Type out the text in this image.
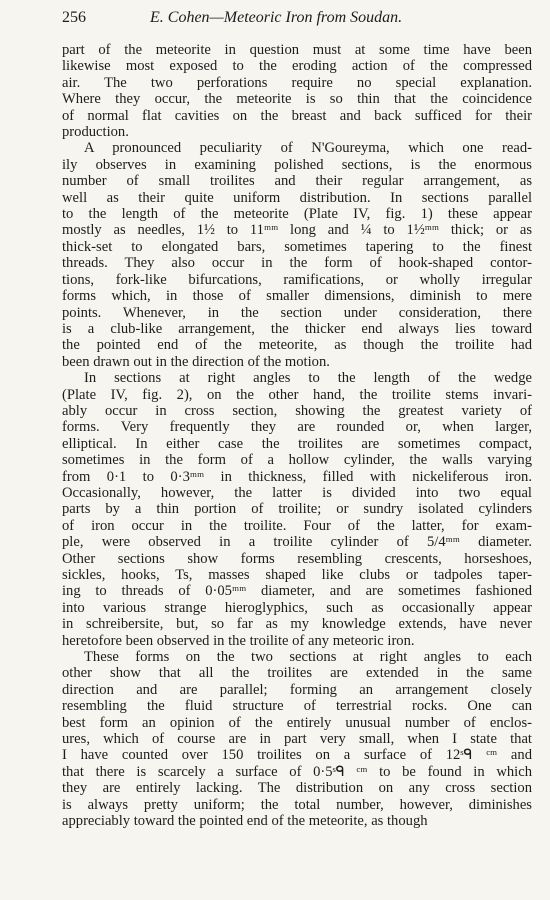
256	E. Cohen—Meteoric Iron from Soudan.

part of the meteorite in question must at some time have been
likewise most exposed to the eroding action of the compressed
air. The two perforations require no special explanation.
Where they occur, the meteorite is so thin that the coincidence
of normal flat cavities on the breast and back sufficed for their
production.

A pronounced peculiarity of N'Goureyma, which one read-
ily observes in examining polished sections, is the enormous
number of small troilites and their regular arrangement, as
well as their quite uniform distribution. In sections parallel
to the length of the meteorite (Plate IV, fig. 1) these appear
mostly as needles, 1½ to 11ᵐᵐ long and ¼ to 1½ᵐᵐ thick; or as
thick-set to elongated bars, sometimes tapering to the finest
threads. They also occur in the form of hook-shaped contor-
tions, fork-like bifurcations, ramifications, or wholly irregular
forms which, in those of smaller dimensions, diminish to mere
points. Whenever, in the section under consideration, there
is a club-like arrangement, the thicker end always lies toward
the pointed end of the meteorite, as though the troilite had
been drawn out in the direction of the motion.

In sections at right angles to the length of the wedge
(Plate IV, fig. 2), on the other hand, the troilite stems invari-
ably occur in cross section, showing the greatest variety of
forms. Very frequently they are rounded or, when larger,
elliptical. In either case the troilites are sometimes compact,
sometimes in the form of a hollow cylinder, the walls varying
from 0·1 to 0·3ᵐᵐ in thickness, filled with nickeliferous iron.
Occasionally, however, the latter is divided into two equal
parts by a thin portion of troilite; or sundry isolated cylinders
of iron occur in the troilite. Four of the latter, for exam-
ple, were observed in a troilite cylinder of 5/4ᵐᵐ diameter.
Other sections show forms resembling crescents, horseshoes,
sickles, hooks, Ts, masses shaped like clubs or tadpoles taper-
ing to threads of 0·05ᵐᵐ diameter, and are sometimes fashioned
into various strange hieroglyphics, such as occasionally appear
in schreibersite, but, so far as my knowledge extends, have never
heretofore been observed in the troilite of any meteoric iron.

These forms on the two sections at right angles to each
other show that all the troilites are extended in the same
direction and are parallel; forming an arrangement closely
resembling the fluid structure of terrestrial rocks. One can
best form an opinion of the entirely unusual number of enclos-
ures, which of course are in part very small, when I state that
I have counted over 150 troilites on a surface of 12ˢᑫ ᶜᵐ and
that there is scarcely a surface of 0·5ˢᑫ ᶜᵐ to be found in which
they are entirely lacking. The distribution on any cross section
is always pretty uniform; the total number, however, diminishes
appreciably toward the pointed end of the meteorite, as though
